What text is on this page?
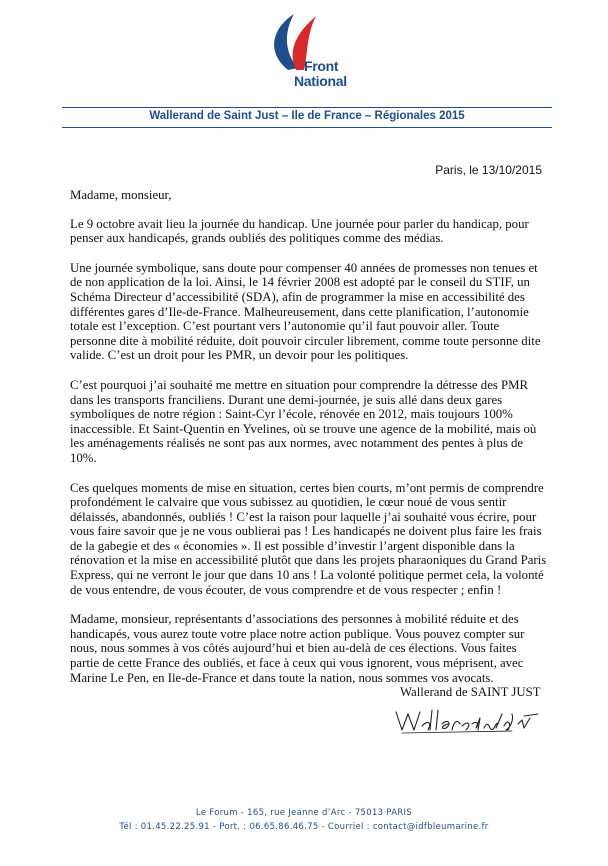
Front
National
Wallerand de Saint Just – Ile de France – Régionales 2015
Paris, le 13/10/2015

Madame, monsieur,

Le 9 octobre avait lieu la journée du handicap. Une journée pour parler du handicap, pour penser aux handicapés, grands oubliés des politiques comme des médias.

Une journée symbolique, sans doute pour compenser 40 années de promesses non tenues et de non application de la loi. Ainsi, le 14 février 2008 est adopté par le conseil du STIF, un Schéma Directeur d’accessibilité (SDA), afin de programmer la mise en accessibilité des différentes gares d’Ile-de-France. Malheureusement, dans cette planification, l’autonomie totale est l’exception. C’est pourtant vers l’autonomie qu’il faut pouvoir aller. Toute personne dite à mobilité réduite, doit pouvoir circuler librement, comme toute personne dite valide. C’est un droit pour les PMR, un devoir pour les politiques.

C’est pourquoi j’ai souhaité me mettre en situation pour comprendre la détresse des PMR dans les transports franciliens. Durant une demi-journée, je suis allé dans deux gares symboliques de notre région : Saint-Cyr l’école, rénovée en 2012, mais toujours 100% inaccessible. Et Saint-Quentin en Yvelines, où se trouve une agence de la mobilité, mais où les aménagements réalisés ne sont pas aux normes, avec notamment des pentes à plus de 10%.

Ces quelques moments de mise en situation, certes bien courts, m’ont permis de comprendre profondément le calvaire que vous subissez au quotidien, le cœur noué de vous sentir délaissés, abandonnés, oubliés ! C’est la raison pour laquelle j’ai souhaité vous écrire, pour vous faire savoir que je ne vous oublierai pas ! Les handicapés ne doivent plus faire les frais de la gabegie et des « économies ». Il est possible d’investir l’argent disponible dans la rénovation et la mise en accessibilité plutôt que dans les projets pharaoniques du Grand Paris Express, qui ne verront le jour que dans 10 ans ! La volonté politique permet cela, la volonté de vous entendre, de vous écouter, de vous comprendre et de vous respecter ; enfin !

Madame, monsieur, représentants d’associations des personnes à mobilité réduite et des handicapés, vous aurez toute votre place notre action publique. Vous pouvez compter sur nous, nous sommes à vos côtés aujourd’hui et bien au-delà de ces élections. Vous faites partie de cette France des oubliés, et face à ceux qui vous ignorent, vous méprisent, avec Marine Le Pen, en Ile-de-France et dans toute la nation, nous sommes vos avocats.

Wallerand de SAINT JUST
Le Forum - 165, rue Jeanne d’Arc - 75013 PARIS
Tél : 01.45.22.25.91 - Port. : 06.65.86.46.75 - Courriel : contact@idfbleumarine.fr
